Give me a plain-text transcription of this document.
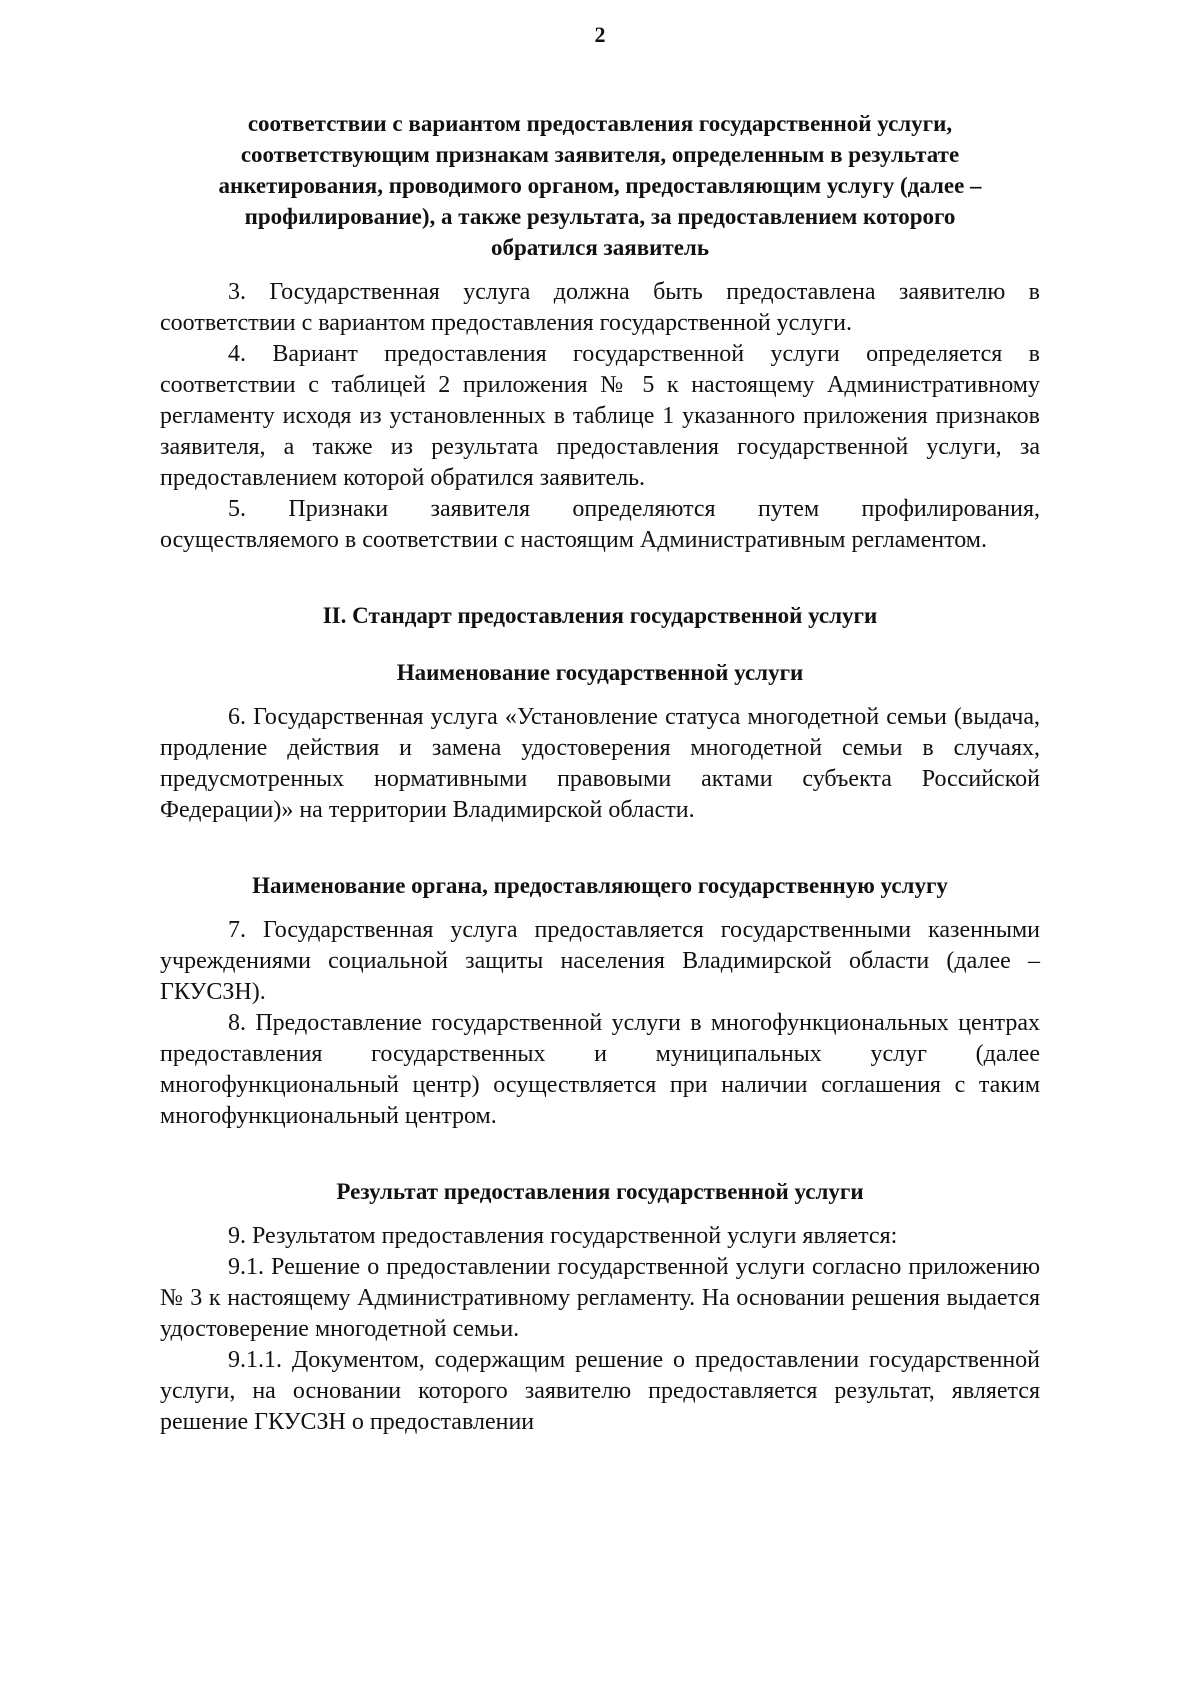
2

соответствии с вариантом предоставления государственной услуги,

соответствующим признакам заявителя, определенным в результате

анкетирования, проводимого органом, предоставляющим услугу (далее –

профилирование), а также результата, за предоставлением которого

обратился заявитель

3. Государственная услуга должна быть предоставлена заявителю в соответствии с вариантом предоставления государственной услуги.

4. Вариант предоставления государственной услуги определяется в соответствии с таблицей 2 приложения № 5 к настоящему Административному регламенту исходя из установленных в таблице 1 указанного приложения признаков заявителя, а также из результата предоставления государственной услуги, за предоставлением которой обратился заявитель.

5. Признаки заявителя определяются путем профилирования, осуществляемого в соответствии с настоящим Административным регламентом.

II. Стандарт предоставления государственной услуги

Наименование государственной услуги

6. Государственная услуга «Установление статуса многодетной семьи (выдача, продление действия и замена удостоверения многодетной семьи в случаях, предусмотренных нормативными правовыми актами субъекта Российской Федерации)» на территории Владимирской области.

Наименование органа, предоставляющего государственную услугу

7. Государственная услуга предоставляется государственными казенными учреждениями социальной защиты населения Владимирской области (далее – ГКУСЗН).

8. Предоставление государственной услуги в многофункциональных центрах предоставления государственных и муниципальных услуг (далее многофункциональный центр) осуществляется при наличии соглашения с таким многофункциональный центром.

Результат предоставления государственной услуги

9. Результатом предоставления государственной услуги является:

9.1. Решение о предоставлении государственной услуги согласно приложению № 3 к настоящему Административному регламенту. На основании решения выдается удостоверение многодетной семьи.

9.1.1. Документом, содержащим решение о предоставлении государственной услуги, на основании которого заявителю предоставляется результат, является решение ГКУСЗН о предоставлении
